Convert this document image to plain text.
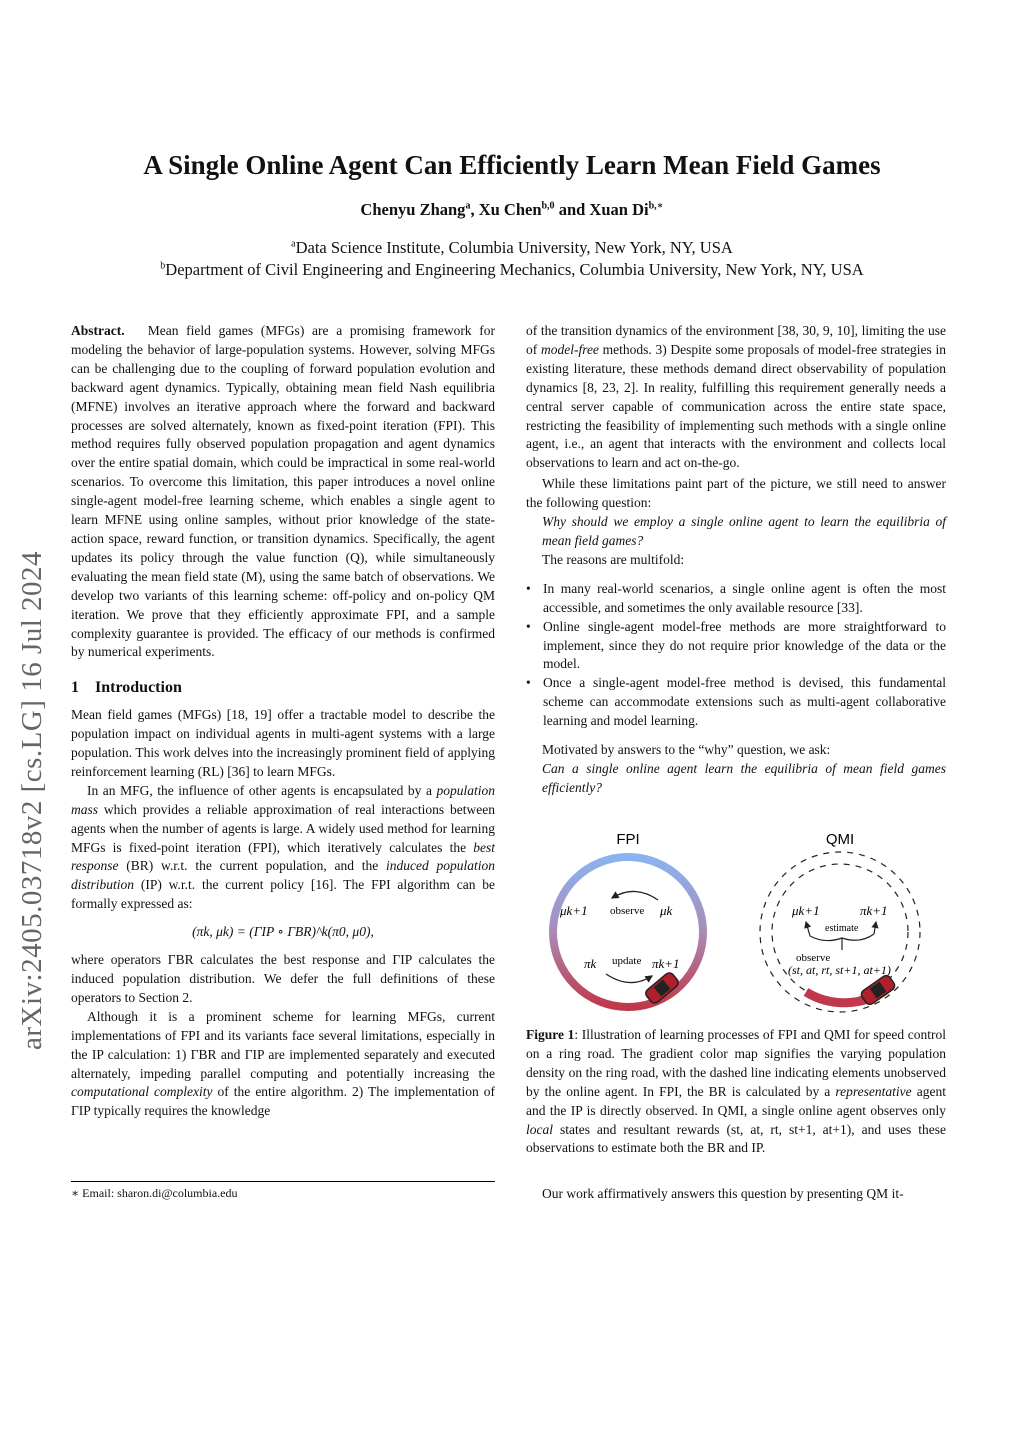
arXiv:2405.03718v2 [cs.LG] 16 Jul 2024
A Single Online Agent Can Efficiently Learn Mean Field Games
Chenyu Zhang$^a$, Xu Chen$^{b,0}$ and Xuan $Di^{b,∗}$
$^a$Data Science Institute, Columbia University, New York, NY, USA
$^b$Department of Civil Engineering and Engineering Mechanics, Columbia University, New York, NY, USA

Abstract. Mean field games (MFGs) are a promising framework for modeling the behavior of large-population systems. However, solving MFGs can be challenging due to the coupling of forward population evolution and backward agent dynamics. Typically, obtaining mean field Nash equilibria (MFNE) involves an iterative approach where the forward and backward processes are solved alternately, known as fixed-point iteration (FPI). This method requires fully observed population propagation and agent dynamics over the entire spatial domain, which could be impractical in some real-world scenarios. To overcome this limitation, this paper introduces a novel online single-agent model-free learning scheme, which enables a single agent to learn MFNE using online samples, without prior knowledge of the state-action space, reward function, or transition dynamics. Specifically, the agent updates its policy through the value function (Q), while simultaneously evaluating the mean field state (M), using the same batch of observations. We develop two variants of this learning scheme: off-policy and on-policy QM iteration. We prove that they efficiently approximate FPI, and a sample complexity guarantee is provided. The efficacy of our methods is confirmed by numerical experiments.

1 Introduction

Mean field games (MFGs) [18, 19] offer a tractable model to describe the population impact on individual agents in multi-agent systems with a large population. This work delves into the increasingly prominent field of applying reinforcement learning (RL) [36] to learn MFGs.

In an MFG, the influence of other agents is encapsulated by a population mass which provides a reliable approximation of real interactions between agents when the number of agents is large. A widely used method for learning MFGs is fixed-point iteration (FPI), which iteratively calculates the best response (BR) w.r.t. the current population, and the induced population distribution (IP) w.r.t. the current policy [16]. The FPI algorithm can be formally expressed as:

(πk, μk) = (ΓIP ∘ ΓBR)^k(π0, μ0),

where operators ΓBR calculates the best response and ΓIP calculates the induced population distribution. We defer the full definitions of these operators to Section 2.

Although it is a prominent scheme for learning MFGs, current implementations of FPI and its variants face several limitations, especially in the IP calculation: 1) ΓBR and ΓIP are implemented separately and executed alternately, impeding parallel computing and potentially increasing the computational complexity of the entire algorithm. 2) The implementation of ΓIP typically requires the knowledge

∗ Email: sharon.di@columbia.edu

of the transition dynamics of the environment [38, 30, 9, 10], limiting the use of model-free methods. 3) Despite some proposals of model-free strategies in existing literature, these methods demand direct observability of population dynamics [8, 23, 2]. In reality, fulfilling this requirement generally needs a central server capable of communication across the entire state space, restricting the feasibility of implementing such methods with a single online agent, i.e., an agent that interacts with the environment and collects local observations to learn and act on-the-go.

While these limitations paint part of the picture, we still need to answer the following question:

Why should we employ a single online agent to learn the equilibria of mean field games?

The reasons are multifold:

• In many real-world scenarios, a single online agent is often the most accessible, and sometimes the only available resource [33].
• Online single-agent model-free methods are more straightforward to implement, since they do not require prior knowledge of the data or the model.
• Once a single-agent model-free method is devised, this fundamental scheme can accommodate extensions such as multi-agent collaborative learning and model learning.

Motivated by answers to the “why” question, we ask:

Can a single online agent learn the equilibria of mean field games efficiently?

FPI
μk+1 observe μk
πk update πk+1
QMI
μk+1	πk+1
estimate
observe
(st, at, rt, st+1, at+1)
Figure 1: Illustration of learning processes of FPI and QMI for speed control on a ring road. The gradient color map signifies the varying population density on the ring road, with the dashed line indicating elements unobserved by the online agent. In FPI, the BR is calculated by a representative agent and the IP is directly observed. In QMI, a single online agent observes only local states and resultant rewards (st, at, rt, st+1, at+1), and uses these observations to estimate both the BR and IP.

Our work affirmatively answers this question by presenting QM it-
